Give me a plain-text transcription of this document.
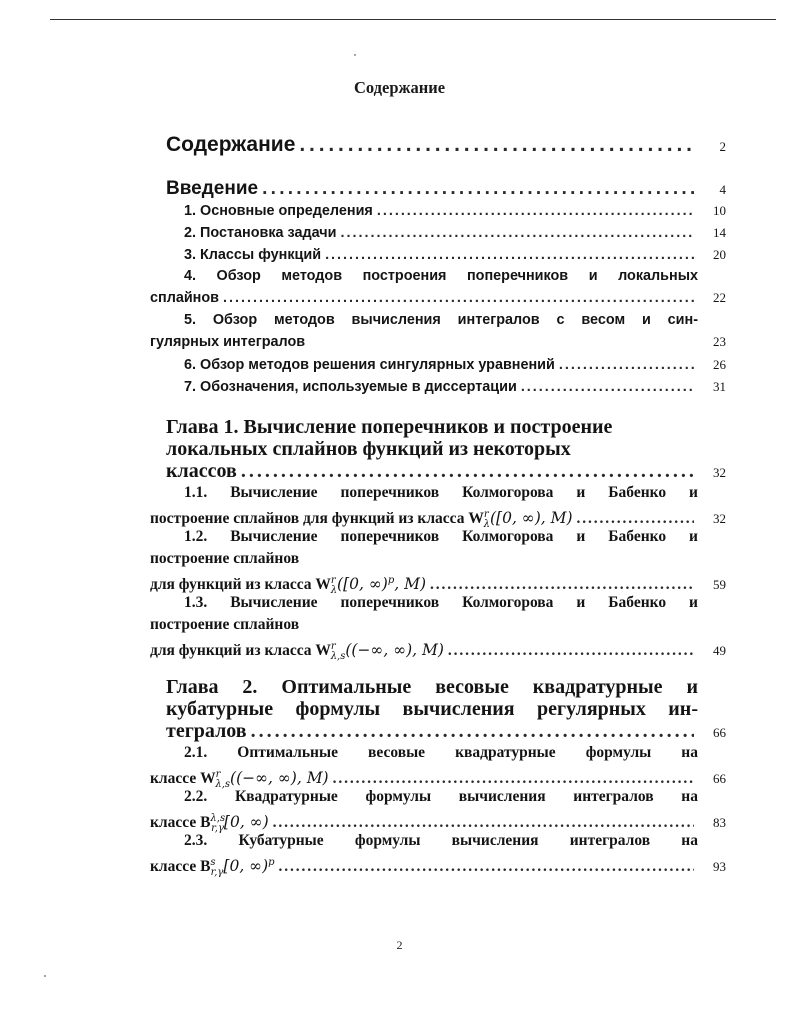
Содержание
Содержание . . .	2
Введение . . .	4
1. Основные определения . . .	10
2. Постановка задачи . . .	14
3. Классы функций . . .	20
4. Обзор методов построения поперечников и локальных
сплайнов . . .	22
5. Обзор методов вычисления интегралов с весом и син-
гулярных интегралов	23
6. Обзор методов решения сингулярных уравнений . . .	26
7. Обозначения, используемые в диссертации . . .	31
Глава 1. Вычисление поперечников и построение
локальных сплайнов функций из некоторых
классов . . .	32
1.1. Вычисление поперечников Колмогорова и Бабенко и
построение сплайнов для функций из класса $W^r_\lambda([0$, ∞), M) . . .	32
1.2. Вычисление поперечников Колмогорова и Бабенко и
построение сплайнов
для функций из класса $W^r_\lambda([0$, ∞)$^p$, M) . . .	59
1.3. Вычисление поперечников Колмогорова и Бабенко и
построение сплайнов
для функций из класса $W^r_{\lambda,s}((-\infty$, ∞), M) . . .	49
Глава 2. Оптимальные весовые квадратурные и
кубатурные формулы вычисления регулярных ин-
тегралов . . .	66
2.1. Оптимальные весовые квадратурные формулы на
классе $W^r_{\lambda,s}((-\infty$, ∞), M) . . .	66
2.2. Квадратурные формулы вычисления интегралов на
классе $B^{\lambda,s}_{r,\gamma}[0$, ∞) . . .	83
2.3. Кубатурные формулы вычисления интегралов на
классе $B^s_{r,\gamma}[0$, ∞)$^p$ . . .	93
2
